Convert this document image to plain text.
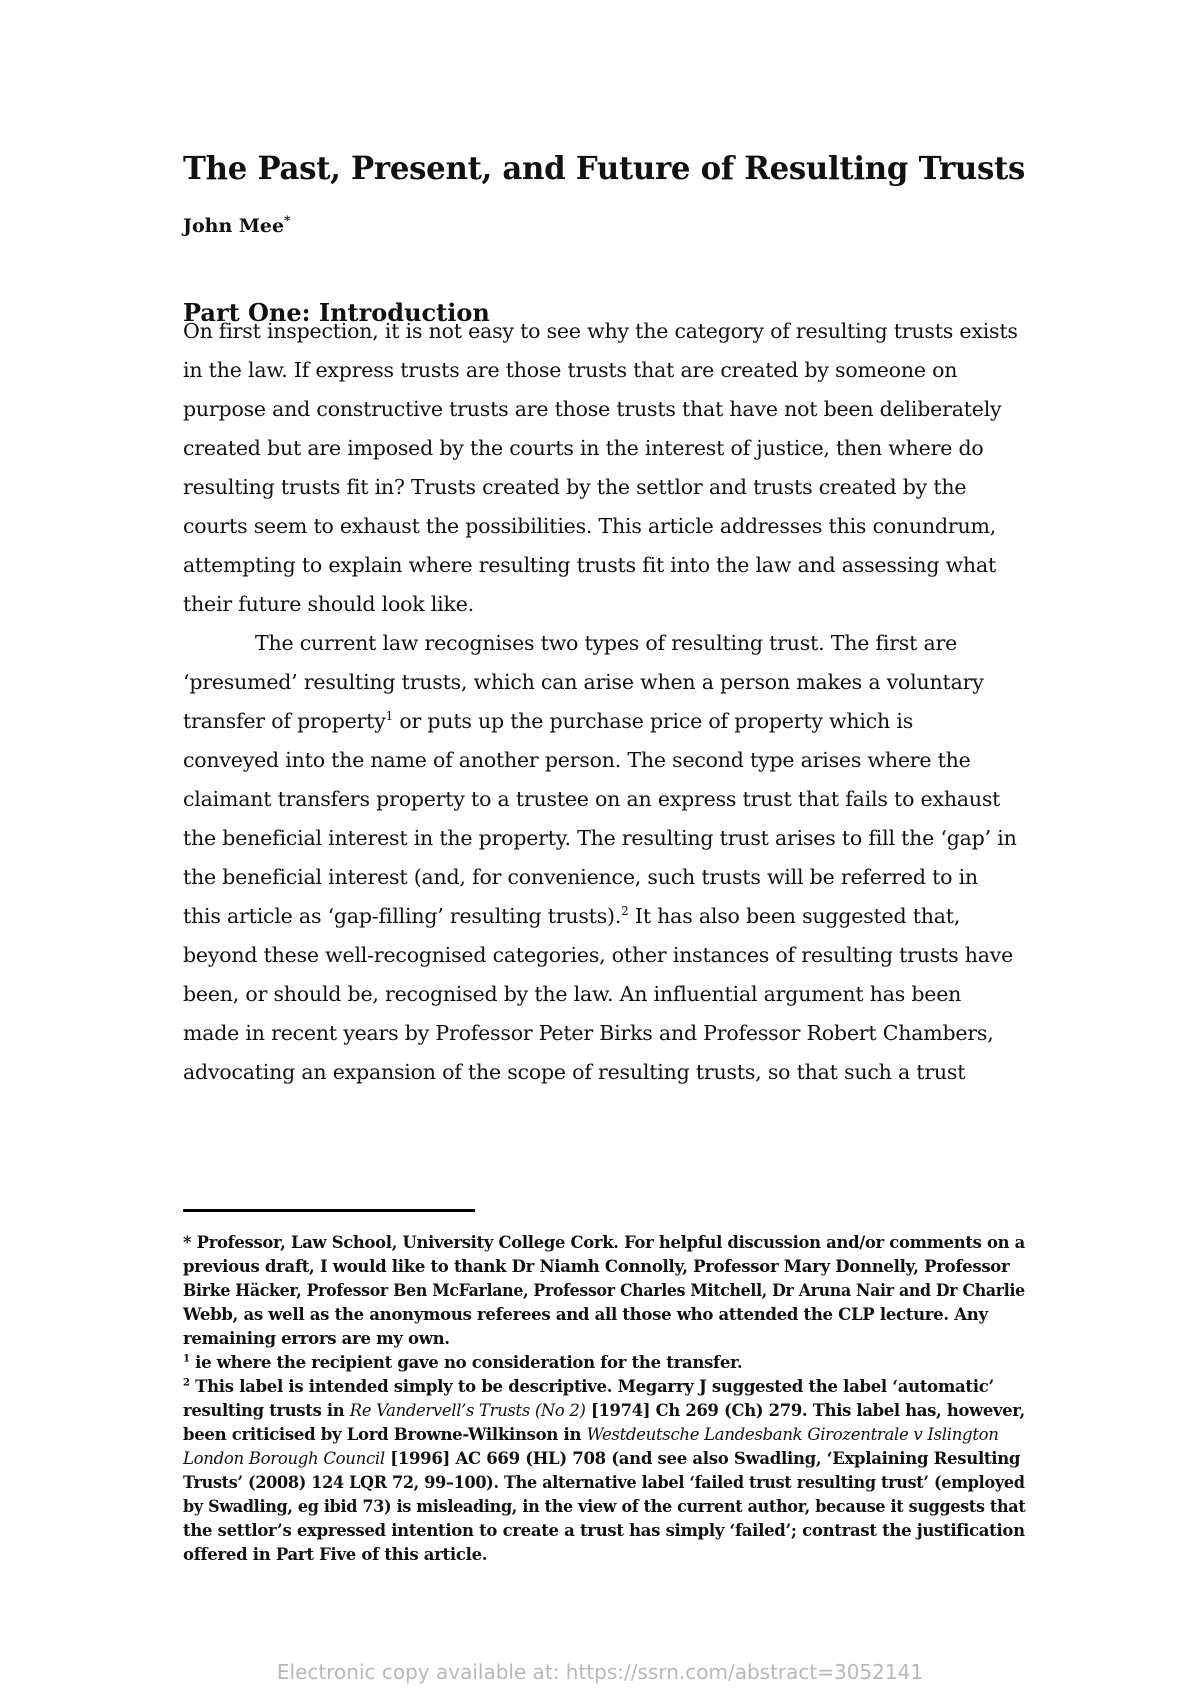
The Past, Present, and Future of Resulting Trusts
John Mee*
Part One: Introduction
On first inspection, it is not easy to see why the category of resulting trusts exists
in the law. If express trusts are those trusts that are created by someone on
purpose and constructive trusts are those trusts that have not been deliberately
created but are imposed by the courts in the interest of justice, then where do
resulting trusts fit in? Trusts created by the settlor and trusts created by the
courts seem to exhaust the possibilities. This article addresses this conundrum,
attempting to explain where resulting trusts fit into the law and assessing what
their future should look like.
The current law recognises two types of resulting trust. The first are
‘presumed’ resulting trusts, which can arise when a person makes a voluntary
transfer of property$^1$ or puts up the purchase price of property which is
conveyed into the name of another person. The second type arises where the
claimant transfers property to a trustee on an express trust that fails to exhaust
the beneficial interest in the property. The resulting trust arises to fill the ‘gap’ in
the beneficial interest (and, for convenience, such trusts will be referred to in
this article as ‘gap-filling’ resulting trusts).$^2$ It has also been suggested that,
beyond these well-recognised categories, other instances of resulting trusts have
been, or should be, recognised by the law. An influential argument has been
made in recent years by Professor Peter Birks and Professor Robert Chambers,
advocating an expansion of the scope of resulting trusts, so that such a trust
* Professor, Law School, University College Cork. For helpful discussion and/or comments on a
previous draft, I would like to thank Dr Niamh Connolly, Professor Mary Donnelly, Professor
Birke Häcker, Professor Ben McFarlane, Professor Charles Mitchell, Dr Aruna Nair and Dr Charlie
Webb, as well as the anonymous referees and all those who attended the CLP lecture. Any
remaining errors are my own.
$^1$ ie where the recipient gave no consideration for the transfer.
$^2$ This label is intended simply to be descriptive. Megarry J suggested the label ‘automatic’
resulting trusts in Re Vandervell’s Trusts (No 2) [1974] Ch 269 (Ch) 279. This label has, however,
been criticised by Lord Browne-Wilkinson in Westdeutsche Landesbank Girozentrale v Islington
London Borough Council [1996] AC 669 (HL) 708 (and see also Swadling, ‘Explaining Resulting
Trusts’ (2008) 124 LQR 72, 99–100). The alternative label ‘failed trust resulting trust’ (employed
by Swadling, eg ibid 73) is misleading, in the view of the current author, because it suggests that
the settlor’s expressed intention to create a trust has simply ‘failed’; contrast the justification
offered in Part Five of this article.
Electronic copy available at: https://ssrn.com/abstract=3052141
